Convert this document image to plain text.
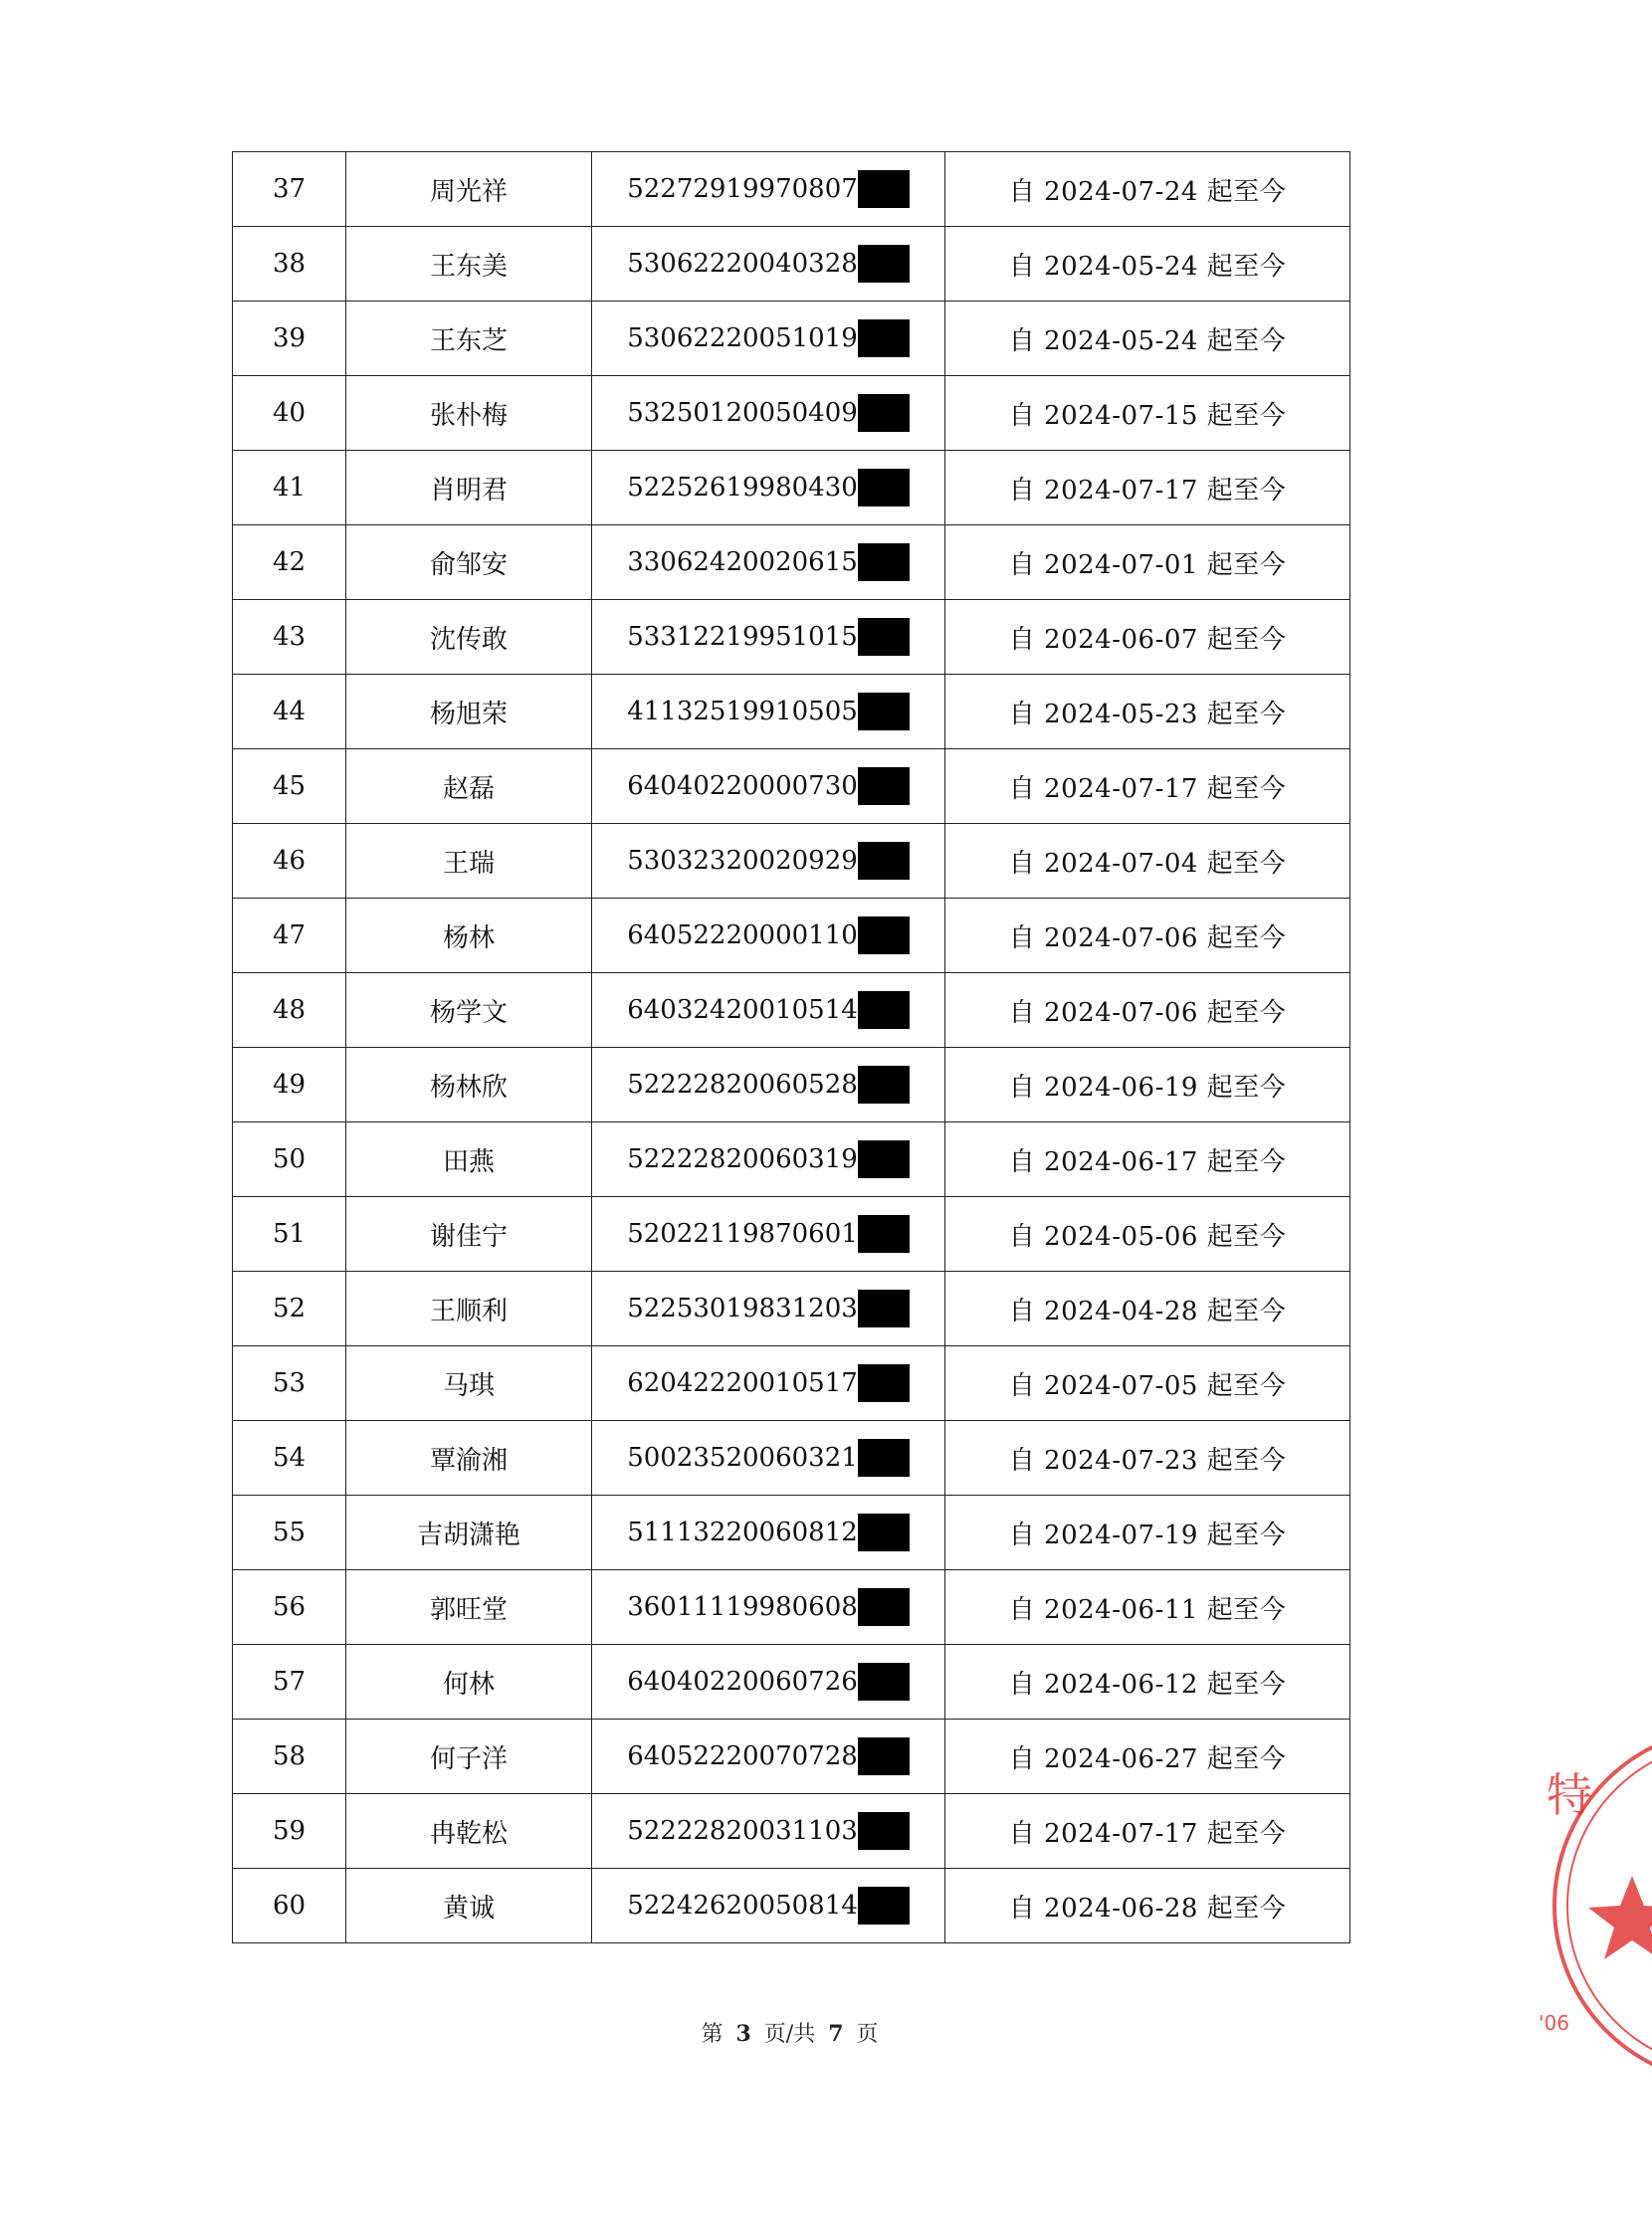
37	周光祥	52272919970807	自 2024-07-24 起至今
38	王东美	53062220040328	自 2024-05-24 起至今
39	王东芝	53062220051019	自 2024-05-24 起至今
40	张朴梅	53250120050409	自 2024-07-15 起至今
41	肖明君	52252619980430	自 2024-07-17 起至今
42	俞邹安	33062420020615	自 2024-07-01 起至今
43	沈传敢	53312219951015	自 2024-06-07 起至今
44	杨旭荣	41132519910505	自 2024-05-23 起至今
45	赵磊	64040220000730	自 2024-07-17 起至今
46	王瑞	53032320020929	自 2024-07-04 起至今
47	杨林	64052220000110	自 2024-07-06 起至今
48	杨学文	64032420010514	自 2024-07-06 起至今
49	杨林欣	52222820060528	自 2024-06-19 起至今
50	田燕	52222820060319	自 2024-06-17 起至今
51	谢佳宁	52022119870601	自 2024-05-06 起至今
52	王顺利	52253019831203	自 2024-04-28 起至今
53	马琪	62042220010517	自 2024-07-05 起至今
54	覃渝湘	50023520060321	自 2024-07-23 起至今
55	吉胡潇艳	51113220060812	自 2024-07-19 起至今
56	郭旺堂	36011119980608	自 2024-06-11 起至今
57	何林	64040220060726	自 2024-06-12 起至今
58	何子洋	64052220070728	自 2024-06-27 起至今
59	冉乾松	52222820031103	自 2024-07-17 起至今
60	黄诚	52242620050814	自 2024-06-28 起至今
第 3 页/共 7 页
特
'06
